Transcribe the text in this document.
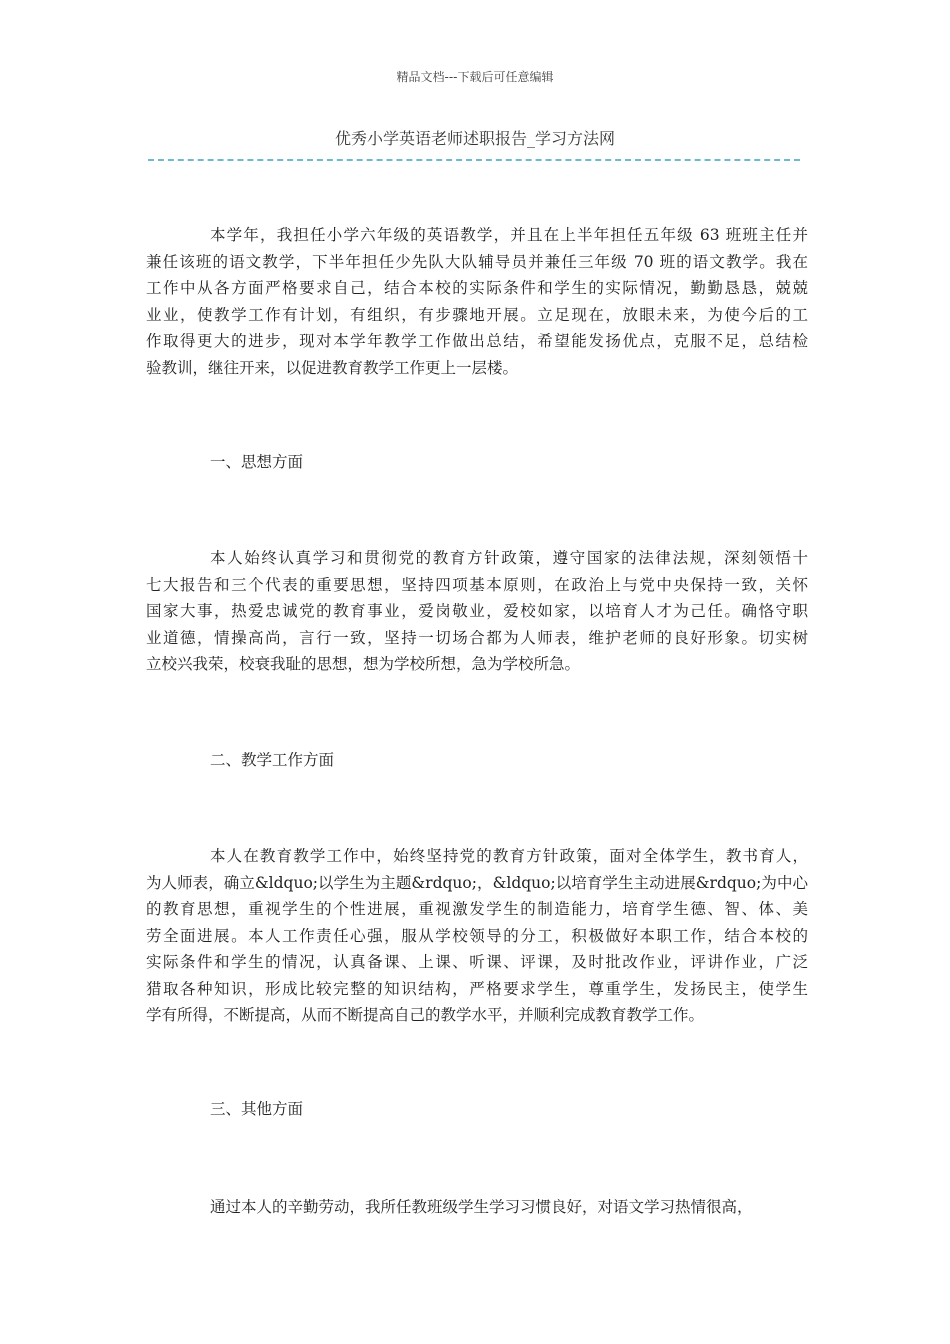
精品文档---下载后可任意编辑
优秀小学英语老师述职报告_学习方法网
本学年，我担任小学六年级的英语教学，并且在上半年担任五年级 63 班班主任并
兼任该班的语文教学，下半年担任少先队大队辅导员并兼任三年级 70 班的语文教学。我在
工作中从各方面严格要求自己，结合本校的实际条件和学生的实际情况，勤勤恳恳，兢兢
业业，使教学工作有计划，有组织，有步骤地开展。立足现在，放眼未来，为使今后的工
作取得更大的进步，现对本学年教学工作做出总结，希望能发扬优点，克服不足，总结检
验教训，继往开来，以促进教育教学工作更上一层楼。
一、思想方面
本人始终认真学习和贯彻党的教育方针政策，遵守国家的法律法规，深刻领悟十
七大报告和三个代表的重要思想，坚持四项基本原则，在政治上与党中央保持一致，关怀
国家大事，热爱忠诚党的教育事业，爱岗敬业，爱校如家，以培育人才为己任。确恪守职
业道德，情操高尚，言行一致，坚持一切场合都为人师表，维护老师的良好形象。切实树
立校兴我荣，校衰我耻的思想，想为学校所想，急为学校所急。
二、教学工作方面
本人在教育教学工作中，始终坚持党的教育方针政策，面对全体学生，教书育人，
为人师表，确立&ldquo;以学生为主题&rdquo;，&ldquo;以培育学生主动进展&rdquo;为中心
的教育思想，重视学生的个性进展，重视激发学生的制造能力，培育学生德、智、体、美
劳全面进展。本人工作责任心强，服从学校领导的分工，积极做好本职工作，结合本校的
实际条件和学生的情况，认真备课、上课、听课、评课，及时批改作业，评讲作业，广泛
猎取各种知识，形成比较完整的知识结构，严格要求学生，尊重学生，发扬民主，使学生
学有所得，不断提高，从而不断提高自己的教学水平，并顺利完成教育教学工作。
三、其他方面
通过本人的辛勤劳动，我所任教班级学生学习习惯良好，对语文学习热情很高，
